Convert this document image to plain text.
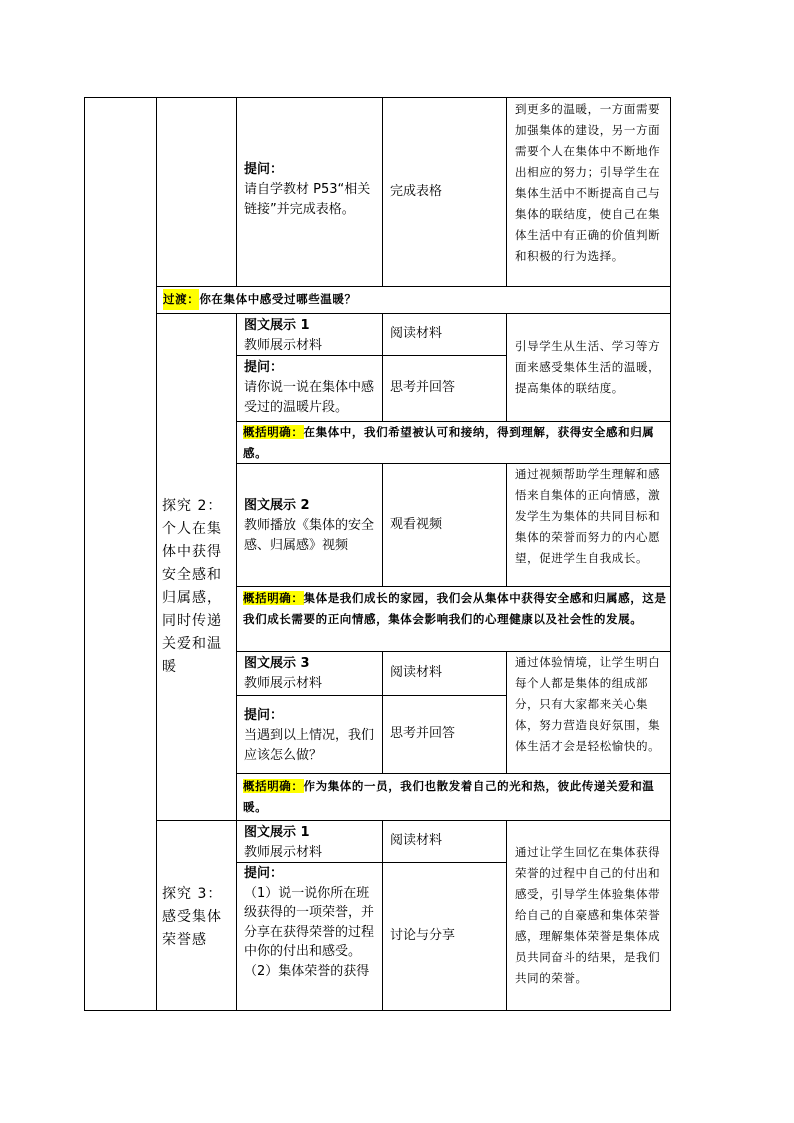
提问：
请自学教材 P53“相关链接”并完成表格。
完成表格
到更多的温暖，一方面需要加强集体的建设，另一方面需要个人在集体中不断地作出相应的努力；引导学生在集体生活中不断提高自己与集体的联结度，使自己在集体生活中有正确的价值判断和积极的行为选择。
过渡： 你在集体中感受过哪些温暖？
探究 2：个人在集体中获得安全感和归属感，同时传递关爱和温暖
图文展示 1
教师展示材料
阅读材料
提问：
请你说一说在集体中感受过的温暖片段。
思考并回答
引导学生从生活、学习等方面来感受集体生活的温暖，提高集体的联结度。
概括明确：在集体中，我们希望被认可和接纳，得到理解，获得安全感和归属感。
图文展示 2
教师播放《集体的安全感、归属感》视频
观看视频
通过视频帮助学生理解和感悟来自集体的正向情感，激发学生为集体的共同目标和集体的荣誉而努力的内心愿望，促进学生自我成长。
概括明确：集体是我们成长的家园，我们会从集体中获得安全感和归属感，这是我们成长需要的正向情感，集体会影响我们的心理健康以及社会性的发展。
图文展示 3
教师展示材料
阅读材料
提问：
当遇到以上情况，我们应该怎么做？
思考并回答
通过体验情境，让学生明白每个人都是集体的组成部分，只有大家都来关心集体，努力营造良好氛围，集体生活才会是轻松愉快的。
概括明确：作为集体的一员，我们也散发着自己的光和热，彼此传递关爱和温暖。
探究 3：感受集体荣誉感
图文展示 1
教师展示材料
阅读材料
提问：
（1）说一说你所在班级获得的一项荣誉，并分享在获得荣誉的过程中你的付出和感受。
（2）集体荣誉的获得
讨论与分享
通过让学生回忆在集体获得荣誉的过程中自己的付出和感受，引导学生体验集体带给自己的自豪感和集体荣誉感，理解集体荣誉是集体成员共同奋斗的结果，是我们共同的荣誉。
